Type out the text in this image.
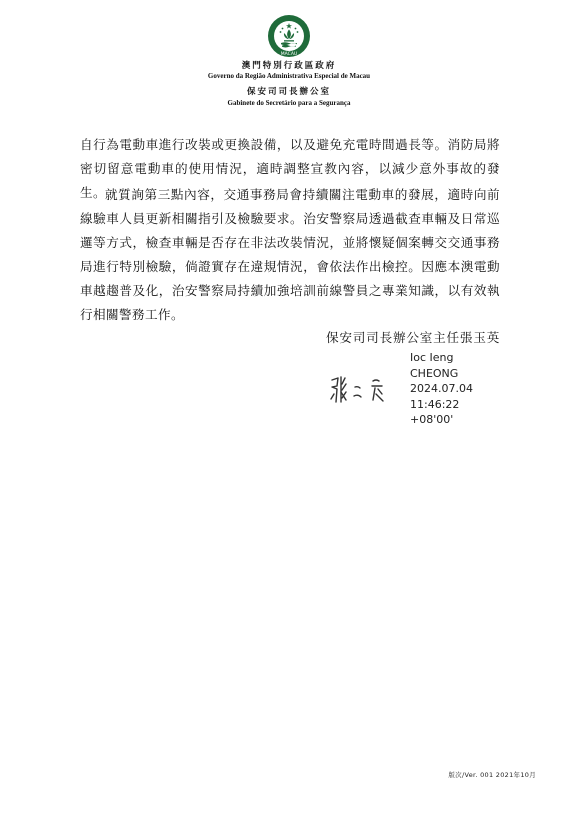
MACAU
澳門特別行政區政府
Governo da Região Administrativa Especial de Macau
保安司司長辦公室
Gabinete do Secretário para a Segurança

自行為電動車進行改裝或更換設備，以及避免充電時間過長等。消防局將密切留意電動車的使用情況，適時調整宣教內容，以減少意外事故的發生。 就質詢第三點內容，交通事務局會持續關注電動車的發展，適時向前線驗車人員更新相關指引及檢驗要求。治安警察局透過截查車輛及日常巡邏等方式，檢查車輛是否存在非法改裝情況，並將懷疑個案轉交交通事務局進行特別檢驗，倘證實存在違規情況，會依法作出檢控。因應本澳電動車越趨普及化，治安警察局持續加強培訓前線警員之專業知識，以有效執行相關警務工作。

保安司司長辦公室主任張玉英
Ioc Ieng
CHEONG
2024.07.04
11:46:22
+08'00'
版次/Ver. 001 2021年10月
